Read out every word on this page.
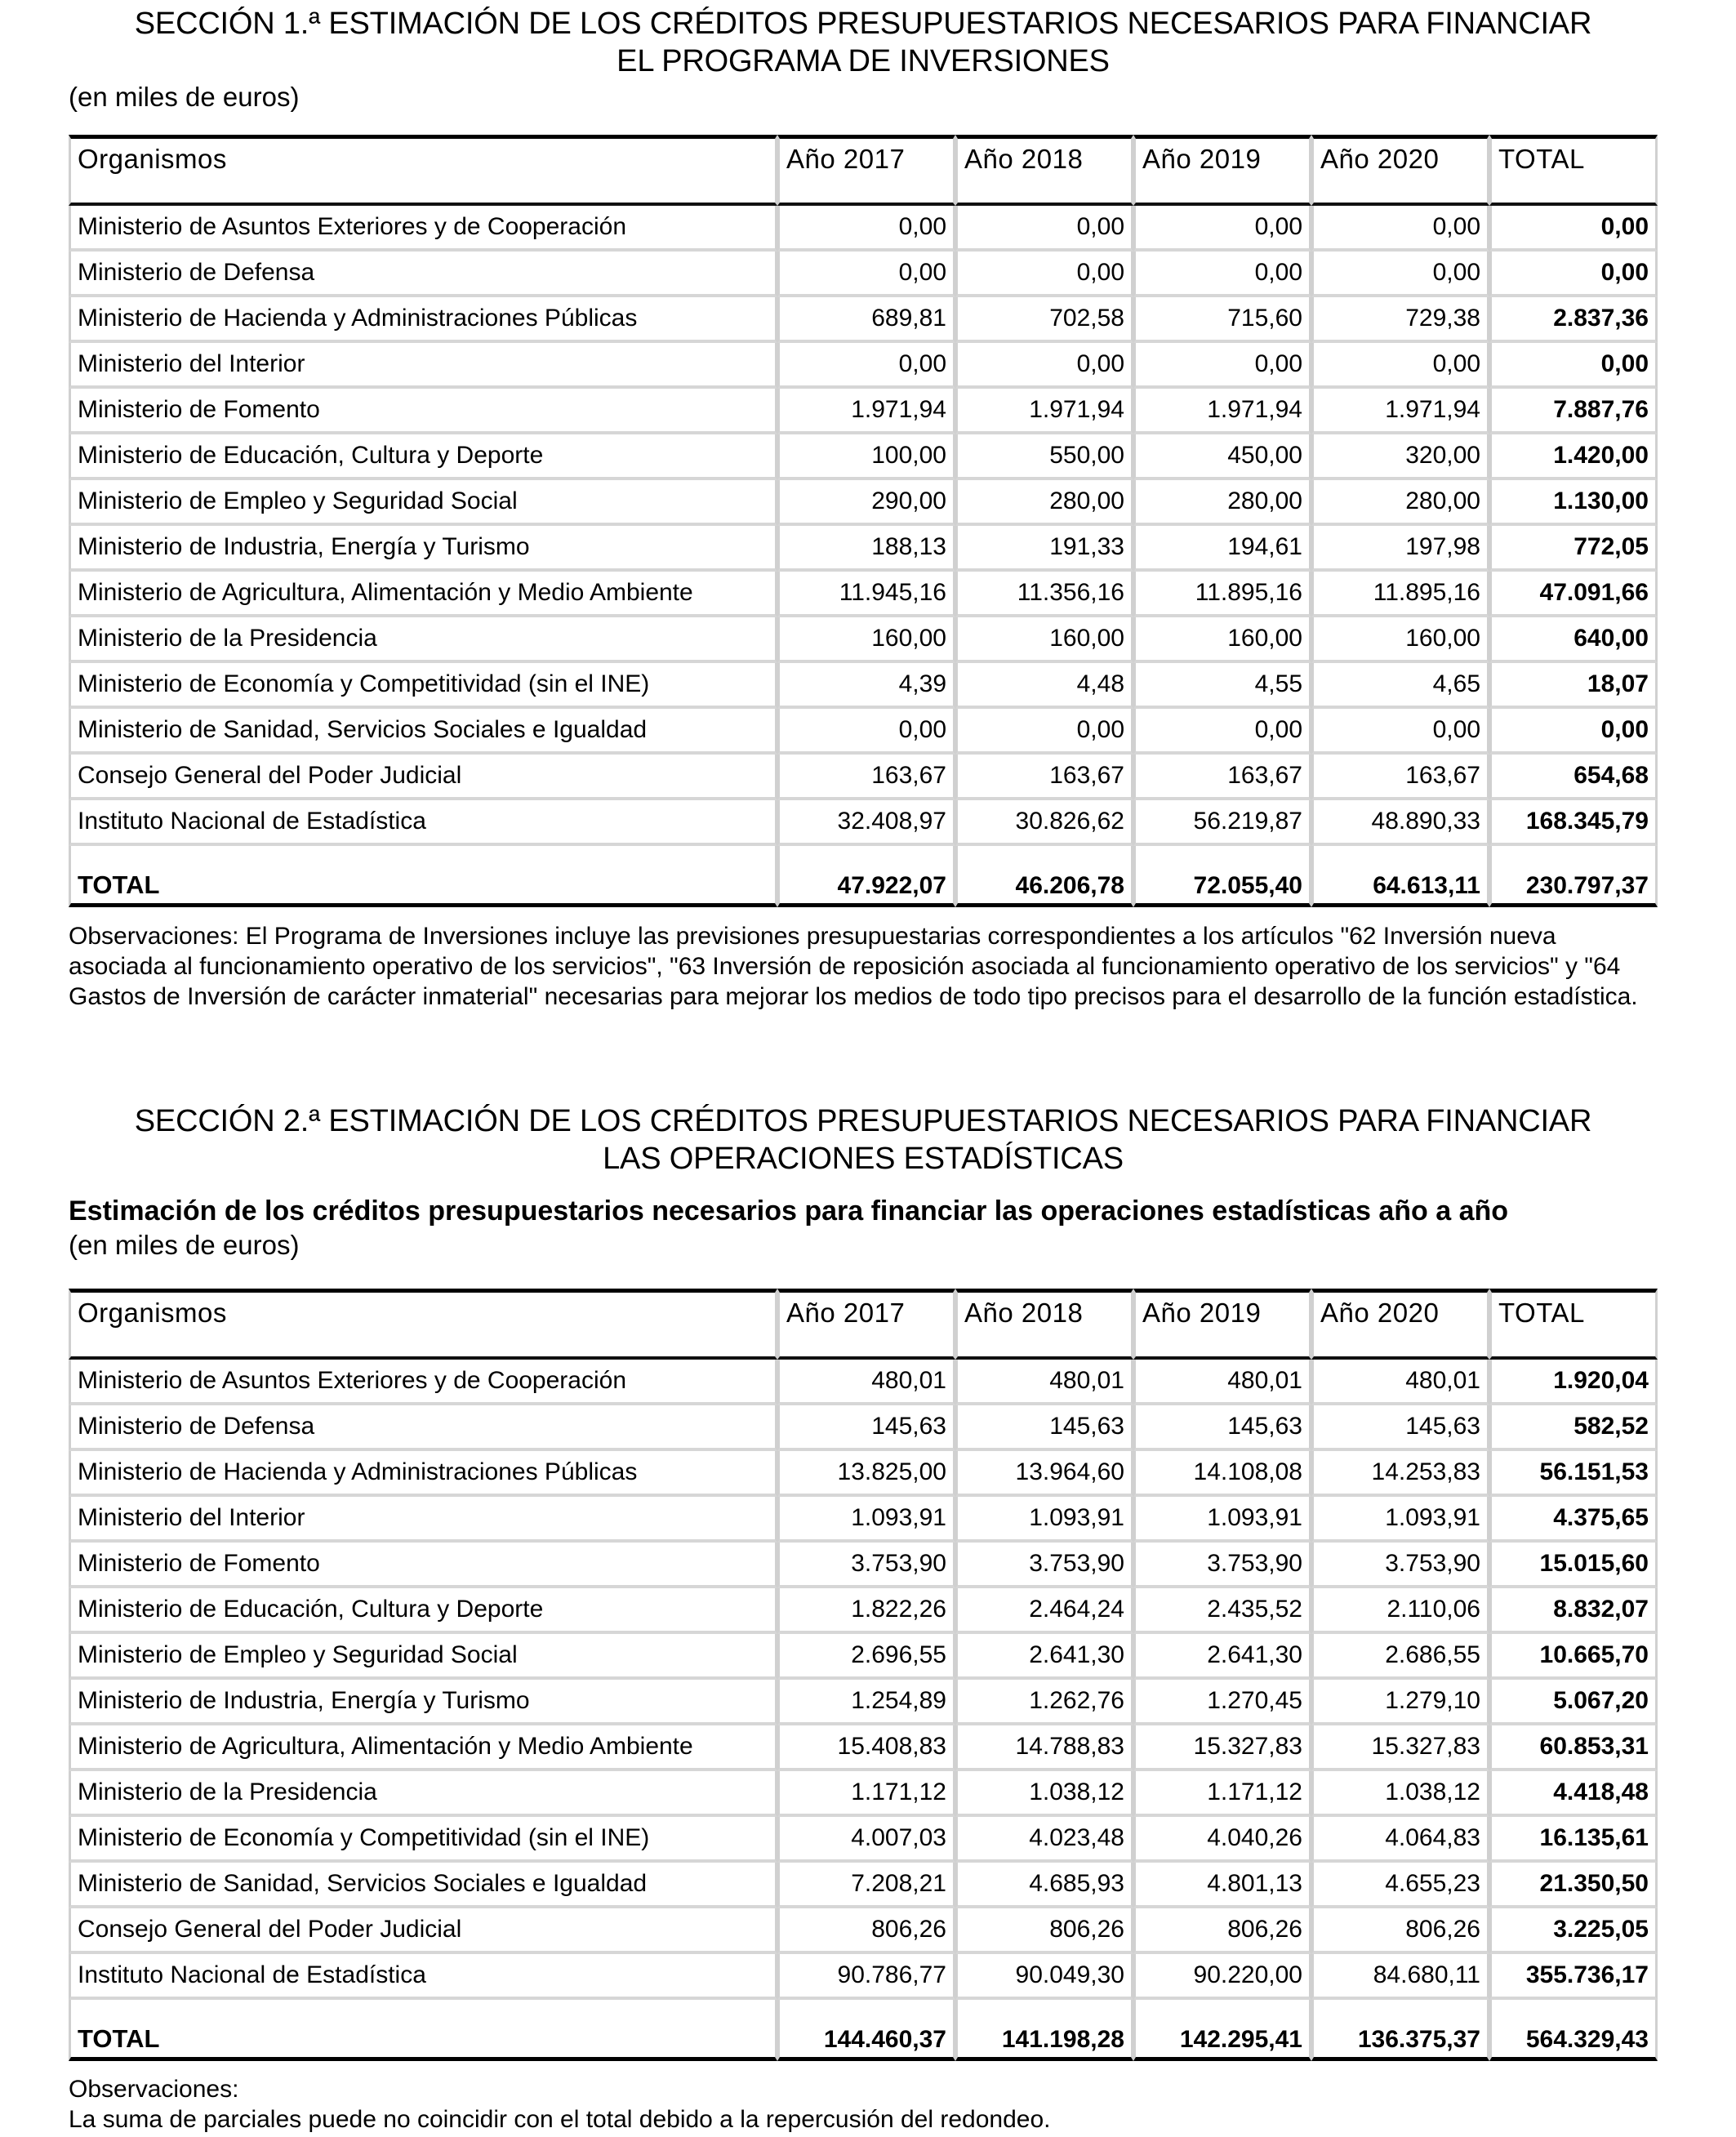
SECCIÓN 1.ª ESTIMACIÓN DE LOS CRÉDITOS PRESUPUESTARIOS NECESARIOS PARA FINANCIAR
EL PROGRAMA DE INVERSIONES

(en miles de euros)

Organismos	Año 2017	Año 2018	Año 2019	Año 2020	TOTAL
Ministerio de Asuntos Exteriores y de Cooperación	0,00	0,00	0,00	0,00	0,00
Ministerio de Defensa	0,00	0,00	0,00	0,00	0,00
Ministerio de Hacienda y Administraciones Públicas	689,81	702,58	715,60	729,38	2.837,36
Ministerio del Interior	0,00	0,00	0,00	0,00	0,00
Ministerio de Fomento	1.971,94	1.971,94	1.971,94	1.971,94	7.887,76
Ministerio de Educación, Cultura y Deporte	100,00	550,00	450,00	320,00	1.420,00
Ministerio de Empleo y Seguridad Social	290,00	280,00	280,00	280,00	1.130,00
Ministerio de Industria, Energía y Turismo	188,13	191,33	194,61	197,98	772,05
Ministerio de Agricultura, Alimentación y Medio Ambiente	11.945,16	11.356,16	11.895,16	11.895,16	47.091,66
Ministerio de la Presidencia	160,00	160,00	160,00	160,00	640,00
Ministerio de Economía y Competitividad (sin el INE)	4,39	4,48	4,55	4,65	18,07
Ministerio de Sanidad, Servicios Sociales e Igualdad	0,00	0,00	0,00	0,00	0,00
Consejo General del Poder Judicial	163,67	163,67	163,67	163,67	654,68
Instituto Nacional de Estadística	32.408,97	30.826,62	56.219,87	48.890,33	168.345,79
TOTAL	47.922,07	46.206,78	72.055,40	64.613,11	230.797,37

Observaciones: El Programa de Inversiones incluye las previsiones presupuestarias correspondientes a los artículos "62 Inversión nueva asociada al funcionamiento operativo de los servicios", "63 Inversión de reposición asociada al funcionamiento operativo de los servicios" y "64 Gastos de Inversión de carácter inmaterial" necesarias para mejorar los medios de todo tipo precisos para el desarrollo de la función estadística.

SECCIÓN 2.ª ESTIMACIÓN DE LOS CRÉDITOS PRESUPUESTARIOS NECESARIOS PARA FINANCIAR
LAS OPERACIONES ESTADÍSTICAS

Estimación de los créditos presupuestarios necesarios para financiar las operaciones estadísticas año a año

(en miles de euros)

Organismos	Año 2017	Año 2018	Año 2019	Año 2020	TOTAL
Ministerio de Asuntos Exteriores y de Cooperación	480,01	480,01	480,01	480,01	1.920,04
Ministerio de Defensa	145,63	145,63	145,63	145,63	582,52
Ministerio de Hacienda y Administraciones Públicas	13.825,00	13.964,60	14.108,08	14.253,83	56.151,53
Ministerio del Interior	1.093,91	1.093,91	1.093,91	1.093,91	4.375,65
Ministerio de Fomento	3.753,90	3.753,90	3.753,90	3.753,90	15.015,60
Ministerio de Educación, Cultura y Deporte	1.822,26	2.464,24	2.435,52	2.110,06	8.832,07
Ministerio de Empleo y Seguridad Social	2.696,55	2.641,30	2.641,30	2.686,55	10.665,70
Ministerio de Industria, Energía y Turismo	1.254,89	1.262,76	1.270,45	1.279,10	5.067,20
Ministerio de Agricultura, Alimentación y Medio Ambiente	15.408,83	14.788,83	15.327,83	15.327,83	60.853,31
Ministerio de la Presidencia	1.171,12	1.038,12	1.171,12	1.038,12	4.418,48
Ministerio de Economía y Competitividad (sin el INE)	4.007,03	4.023,48	4.040,26	4.064,83	16.135,61
Ministerio de Sanidad, Servicios Sociales e Igualdad	7.208,21	4.685,93	4.801,13	4.655,23	21.350,50
Consejo General del Poder Judicial	806,26	806,26	806,26	806,26	3.225,05
Instituto Nacional de Estadística	90.786,77	90.049,30	90.220,00	84.680,11	355.736,17
TOTAL	144.460,37	141.198,28	142.295,41	136.375,37	564.329,43

Observaciones:

La suma de parciales puede no coincidir con el total debido a la repercusión del redondeo.
